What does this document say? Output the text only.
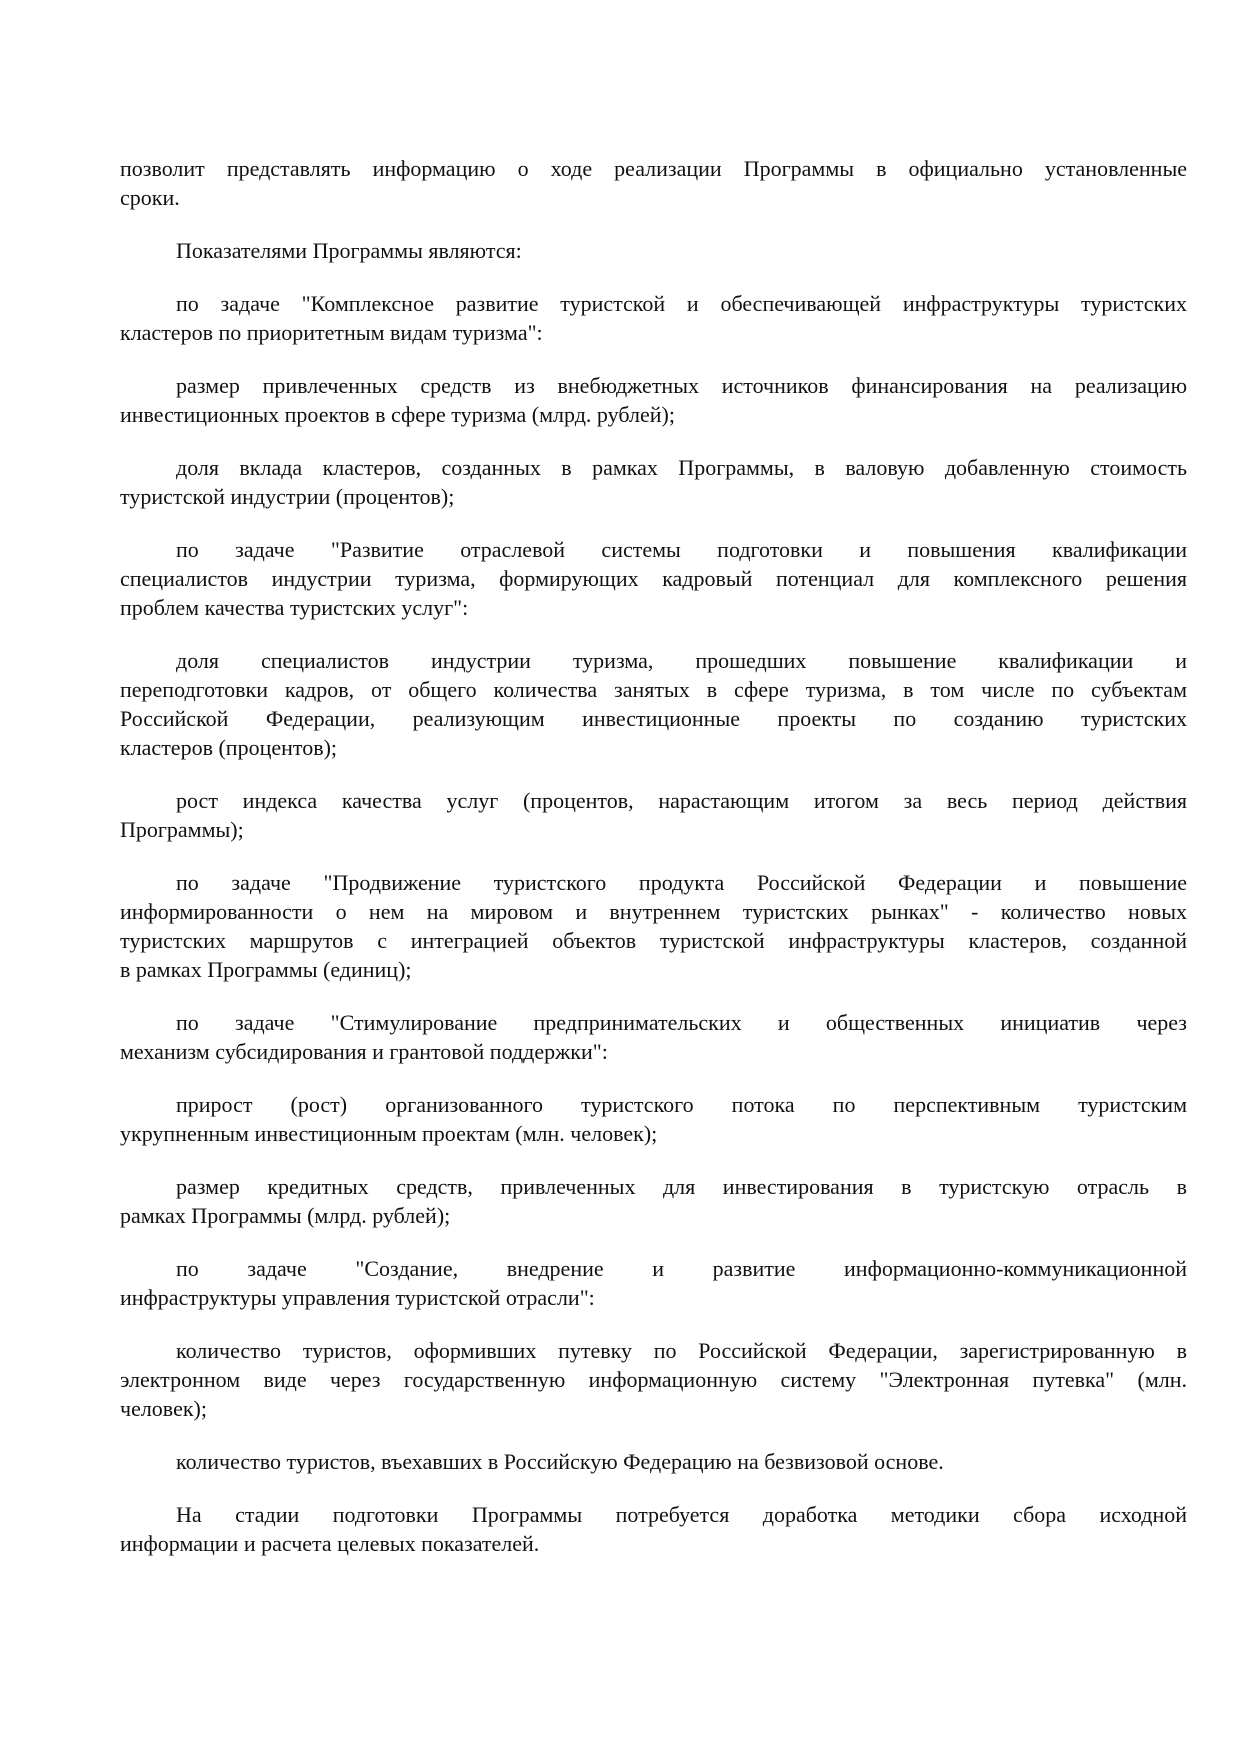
позволит представлять информацию о ходе реализации Программы в официально установленные
сроки.

Показателями Программы являются:

по задаче "Комплексное развитие туристской и обеспечивающей инфраструктуры туристских
кластеров по приоритетным видам туризма":

размер привлеченных средств из внебюджетных источников финансирования на реализацию
инвестиционных проектов в сфере туризма (млрд. рублей);

доля вклада кластеров, созданных в рамках Программы, в валовую добавленную стоимость
туристской индустрии (процентов);

по задаче "Развитие отраслевой системы подготовки и повышения квалификации
специалистов индустрии туризма, формирующих кадровый потенциал для комплексного решения
проблем качества туристских услуг":

доля специалистов индустрии туризма, прошедших повышение квалификации и
переподготовки кадров, от общего количества занятых в сфере туризма, в том числе по субъектам
Российской Федерации, реализующим инвестиционные проекты по созданию туристских
кластеров (процентов);

рост индекса качества услуг (процентов, нарастающим итогом за весь период действия
Программы);

по задаче "Продвижение туристского продукта Российской Федерации и повышение
информированности о нем на мировом и внутреннем туристских рынках" - количество новых
туристских маршрутов с интеграцией объектов туристской инфраструктуры кластеров, созданной
в рамках Программы (единиц);

по задаче "Стимулирование предпринимательских и общественных инициатив через
механизм субсидирования и грантовой поддержки":

прирост (рост) организованного туристского потока по перспективным туристским
укрупненным инвестиционным проектам (млн. человек);

размер кредитных средств, привлеченных для инвестирования в туристскую отрасль в
рамках Программы (млрд. рублей);

по задаче "Создание, внедрение и развитие информационно-коммуникационной
инфраструктуры управления туристской отрасли":

количество туристов, оформивших путевку по Российской Федерации, зарегистрированную в
электронном виде через государственную информационную систему "Электронная путевка" (млн.
человек);

количество туристов, въехавших в Российскую Федерацию на безвизовой основе.

На стадии подготовки Программы потребуется доработка методики сбора исходной
информации и расчета целевых показателей.
